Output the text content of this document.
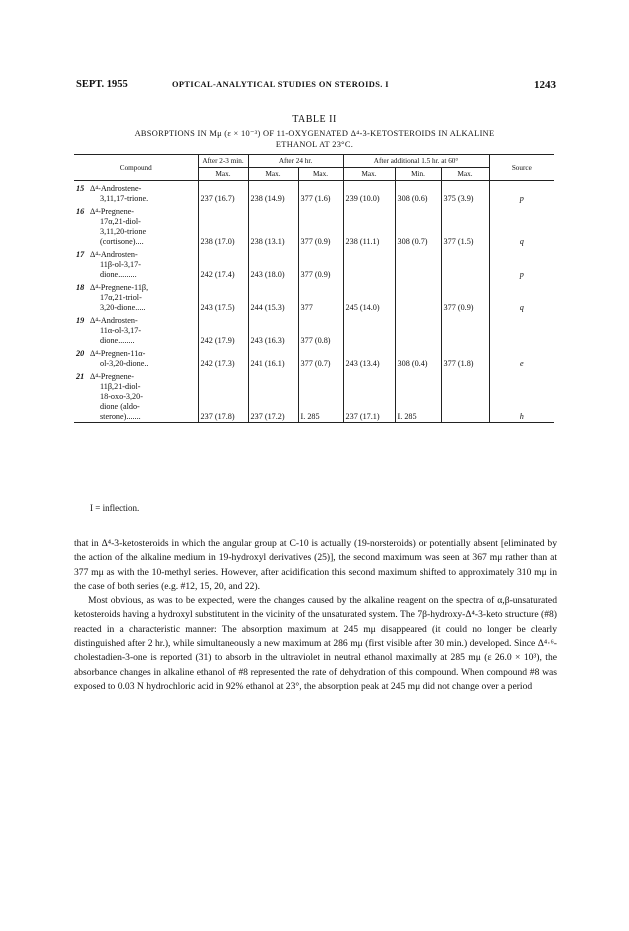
SEPT. 1955	OPTICAL-ANALYTICAL STUDIES ON STEROIDS. I	1243
TABLE II
ABSORPTIONS IN Mμ (ε × 10⁻³) OF 11-OXYGENATED Δ⁴-3-KETOSTEROIDS IN ALKALINE
ETHANOL AT 23°C.
Compound		After 2-3 min.	After 24 hr.		After additional 1.5 hr. at 60°			Source
		Max.	Max.	Max.	Max.	Min.	Max.	

15	Δ⁴-Androstene-							
	3,11,17-trione.	237 (16.7)	238 (14.9)	377 (1.6)	239 (10.0)	308 (0.6)	375 (3.9)	p

16	Δ⁴-Pregnene-							
	17α,21-diol-							
	3,11,20-trione							
	(cortisone)....	238 (17.0)	238 (13.1)	377 (0.9)	238 (11.1)	308 (0.7)	377 (1.5)	q

17	Δ⁴-Androsten-							
	11β-ol-3,17-							
	dione.........	242 (17.4)	243 (18.0)	377 (0.9)				p

18	Δ⁴-Pregnene-11β,							
	17α,21-triol-							
	3,20-dione.....	243 (17.5)	244 (15.3)	377	245 (14.0)		377 (0.9)	q

19	Δ⁴-Androsten-							
	11α-ol-3,17-							
	dione........	242 (17.9)	243 (16.3)	377 (0.8)				

20	Δ⁴-Pregnen-11α-							
	ol-3,20-dione..	242 (17.3)	241 (16.1)	377 (0.7)	243 (13.4)	308 (0.4)	377 (1.8)	e

21	Δ⁴-Pregnene-							
	11β,21-diol-							
	18-oxo-3,20-							
	dione (aldo-							
	sterone).......	237 (17.8)	237 (17.2)	I. 285	237 (17.1)	I. 285		h
I = inflection.

that in Δ⁴-3-ketosteroids in which the angular group at C-10 is actually (19-norsteroids) or potentially absent [eliminated by the action of the alkaline medium in 19-hydroxyl derivatives (25)], the second maximum was seen at 367 mμ rather than at 377 mμ as with the 10-methyl series. However, after acidification this second maximum shifted to approximately 310 mμ in the case of both series (e.g. #12, 15, 20, and 22).

Most obvious, as was to be expected, were the changes caused by the alkaline reagent on the spectra of α,β-unsaturated ketosteroids having a hydroxyl substitutent in the vicinity of the unsaturated system. The 7β-hydroxy-Δ⁴-3-keto structure (#8) reacted in a characteristic manner: The absorption maximum at 245 mμ disappeared (it could no longer be clearly distinguished after 2 hr.), while simultaneously a new maximum at 286 mμ (first visible after 30 min.) developed. Since Δ⁴·⁶-cholestadien-3-one is reported (31) to absorb in the ultraviolet in neutral ethanol maximally at 285 mμ (ε 26.0 × 10³), the absorbance changes in alkaline ethanol of #8 represented the rate of dehydration of this compound. When compound #8 was exposed to 0.03 N hydrochloric acid in 92% ethanol at 23°, the absorption peak at 245 mμ did not change over a period
